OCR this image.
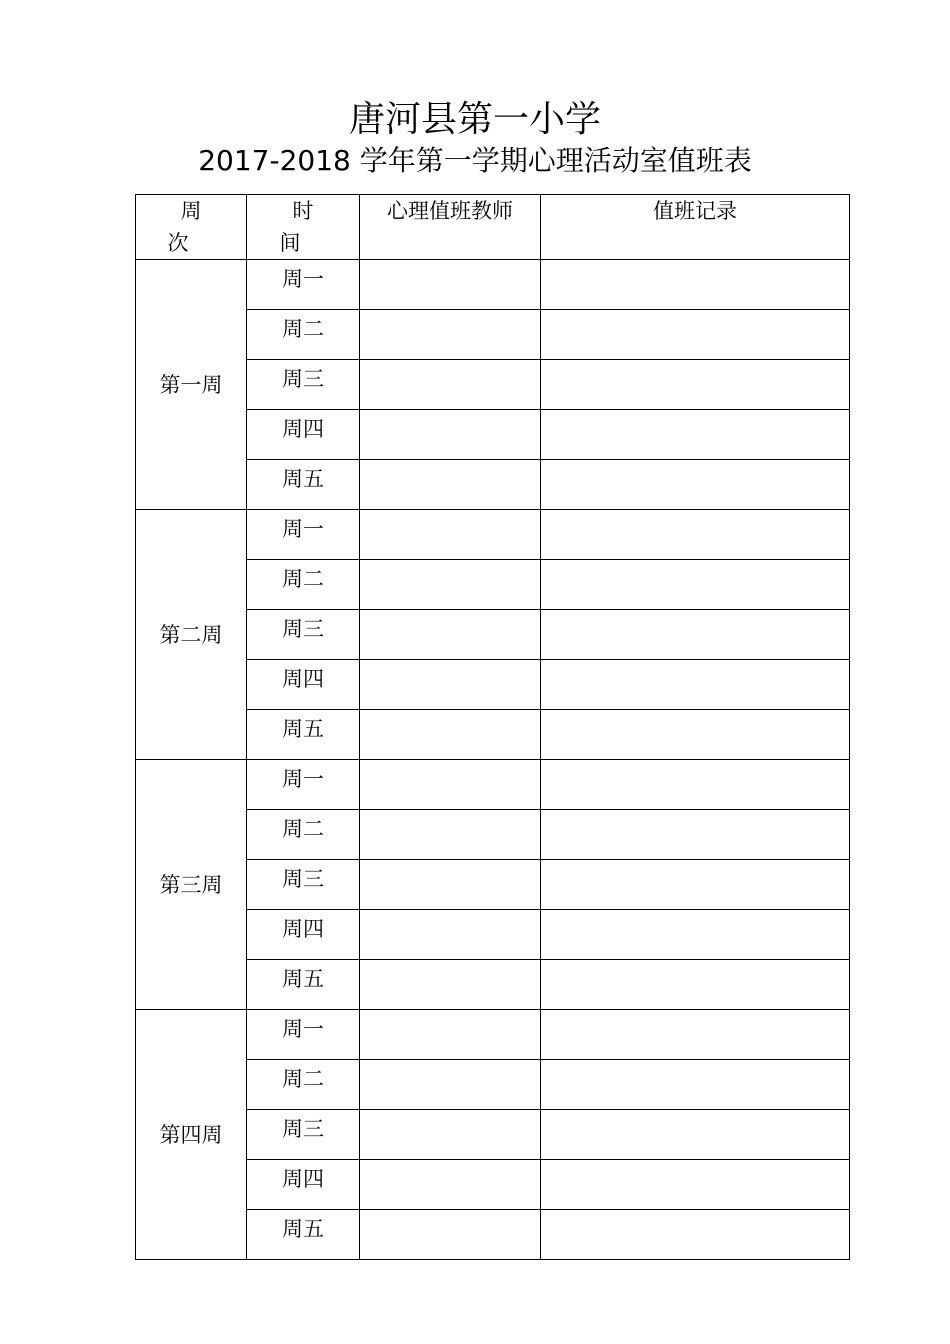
唐河县第一小学
2017-2018 学年第一学期心理活动室值班表
周 次	时 间	心理值班教师	值班记录
第一周	周一		
	周二		
	周三		
	周四		
	周五		
第二周	周一		
	周二		
	周三		
	周四		
	周五		
第三周	周一		
	周二		
	周三		
	周四		
	周五		
第四周	周一		
	周二		
	周三		
	周四		
	周五		
